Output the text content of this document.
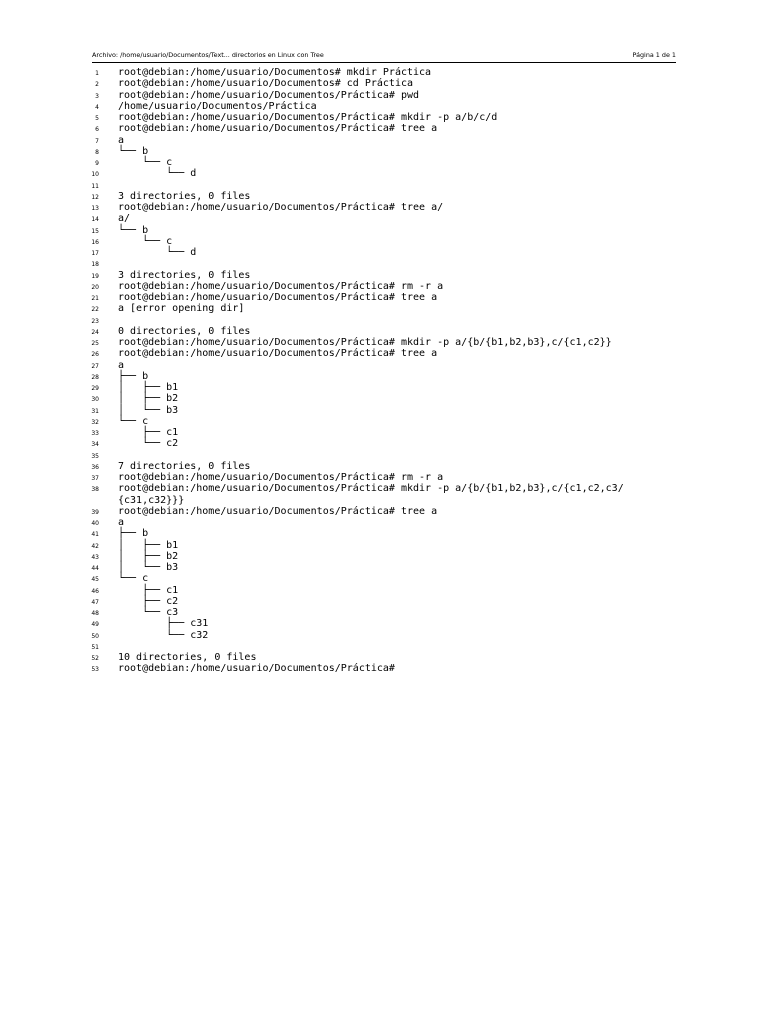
Archivo: /home/usuario/Documentos/Text... directorios en Linux con Tree	Página 1 de 1
1 root@debian:/home/usuario/Documentos# mkdir Práctica
2 root@debian:/home/usuario/Documentos# cd Práctica
3 root@debian:/home/usuario/Documentos/Práctica# pwd
4 /home/usuario/Documentos/Práctica
5 root@debian:/home/usuario/Documentos/Práctica# mkdir -p a/b/c/d
6 root@debian:/home/usuario/Documentos/Práctica# tree a
7 a
8 └── b
9 └── c
10 └── d
11
12 3 directories, 0 files
13 root@debian:/home/usuario/Documentos/Práctica# tree a/
14 a/
15 └── b
16 └── c
17 └── d
18
19 3 directories, 0 files
20 root@debian:/home/usuario/Documentos/Práctica# rm -r a
21 root@debian:/home/usuario/Documentos/Práctica# tree a
22 a [error opening dir]
23
24 0 directories, 0 files
25 root@debian:/home/usuario/Documentos/Práctica# mkdir -p a/{b/{b1,b2,b3},c/{c1,c2}}
26 root@debian:/home/usuario/Documentos/Práctica# tree a
27 a
28 ├── b
29 │   ├── b1
30 │   ├── b2
31 │   └── b3
32 └── c
33 ├── c1
34 └── c2
35
36 7 directories, 0 files
37 root@debian:/home/usuario/Documentos/Práctica# rm -r a
38 root@debian:/home/usuario/Documentos/Práctica# mkdir -p a/{b/{b1,b2,b3},c/{c1,c2,c3/
{c31,c32}}}
39 root@debian:/home/usuario/Documentos/Práctica# tree a
40 a
41 ├── b
42 │   ├── b1
43 │   ├── b2
44 │   └── b3
45 └── c
46 ├── c1
47 ├── c2
48 └── c3
49 ├── c31
50 └── c32
51
52 10 directories, 0 files
53 root@debian:/home/usuario/Documentos/Práctica#
